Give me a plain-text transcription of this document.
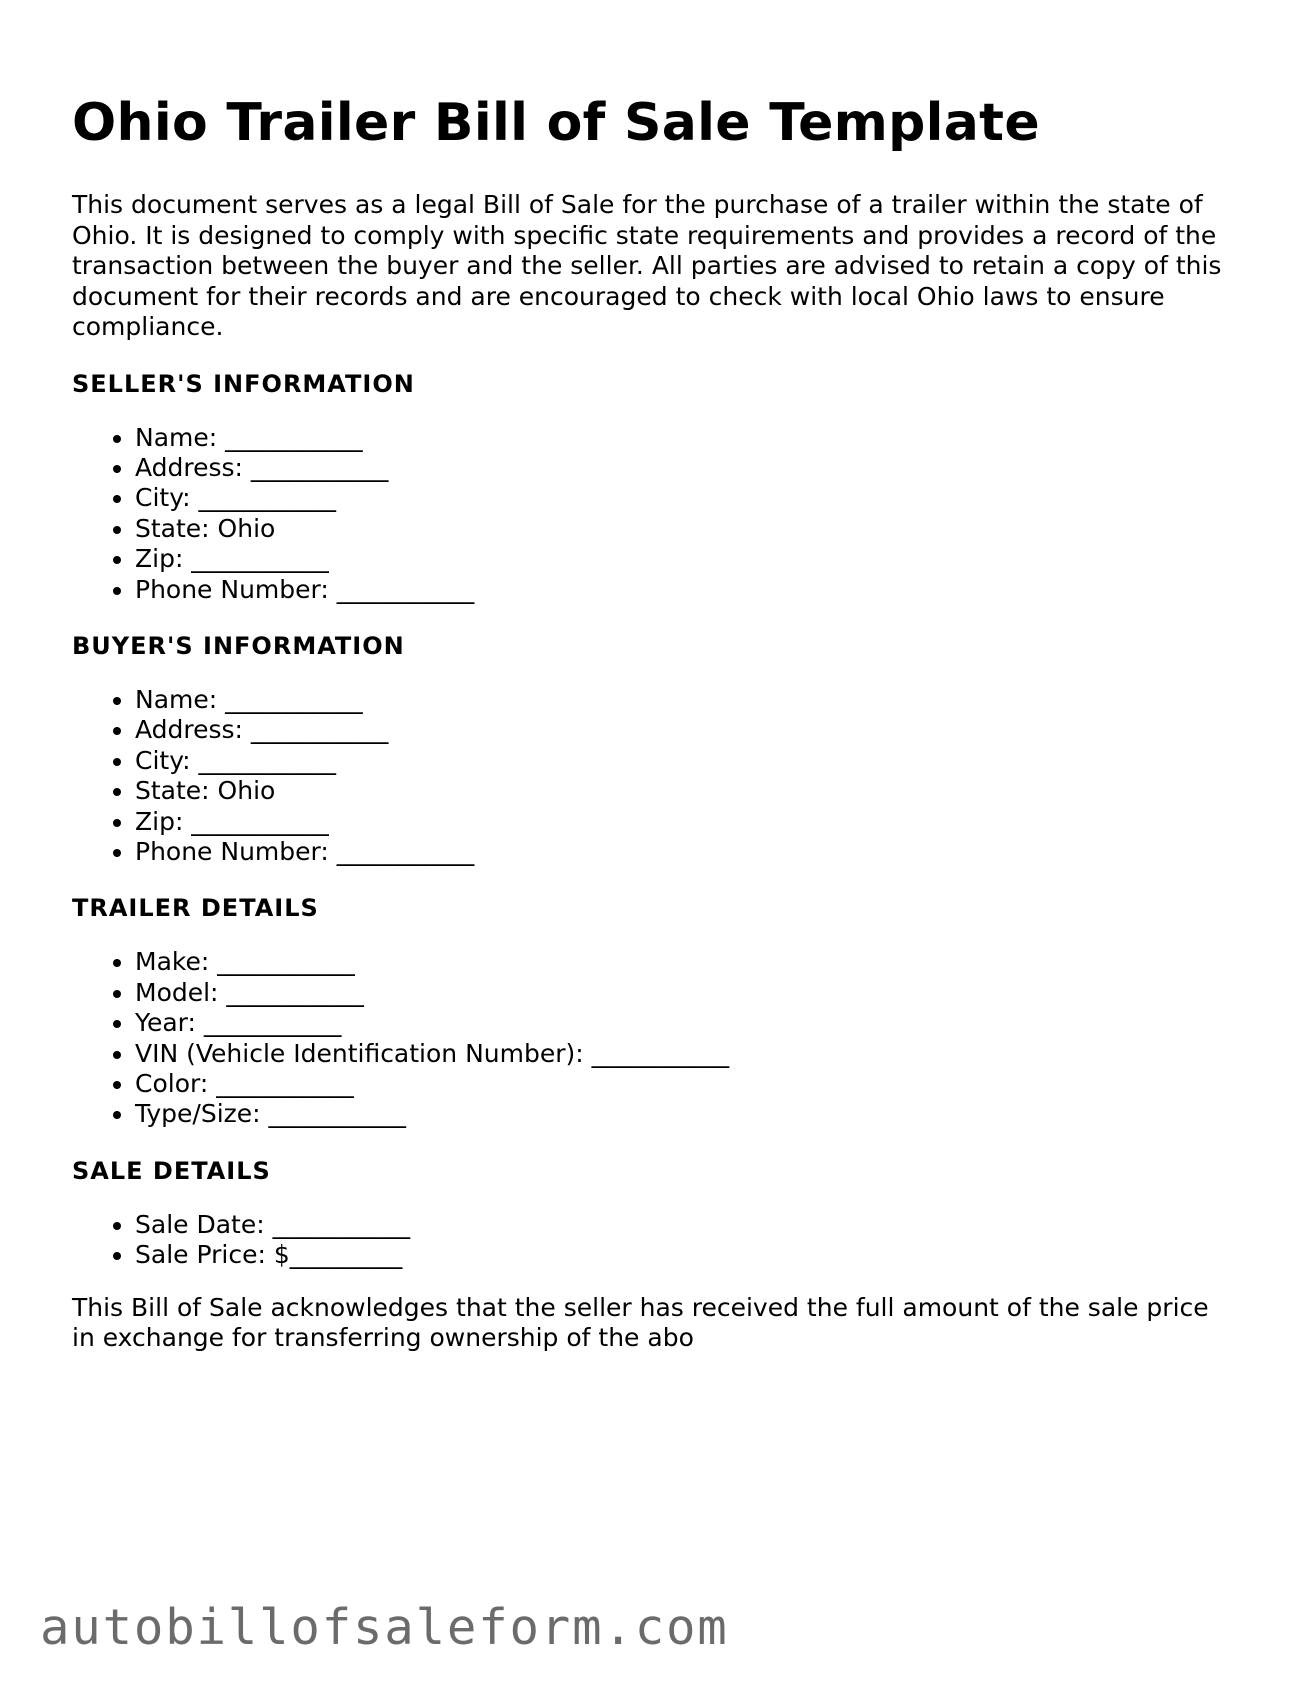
Ohio Trailer Bill of Sale Template

This document serves as a legal Bill of Sale for the purchase of a trailer within the state of Ohio. It is designed to comply with specific state requirements and provides a record of the transaction between the buyer and the seller. All parties are advised to retain a copy of this document for their records and are encouraged to check with local Ohio laws to ensure compliance.

SELLER'S INFORMATION
• Name: ___________
• Address: ___________
• City: ___________
• State: Ohio
• Zip: ___________
• Phone Number: ___________
BUYER'S INFORMATION
• Name: ___________
• Address: ___________
• City: ___________
• State: Ohio
• Zip: ___________
• Phone Number: ___________
TRAILER DETAILS
• Make: ___________
• Model: ___________
• Year: ___________
• VIN (Vehicle Identification Number): ___________
• Color: ___________
• Type/Size: ___________
SALE DETAILS
• Sale Date: ___________
• Sale Price: $_________

This Bill of Sale acknowledges that the seller has received the full amount of the sale price in exchange for transferring ownership of the abo

autobillofsaleform.com
